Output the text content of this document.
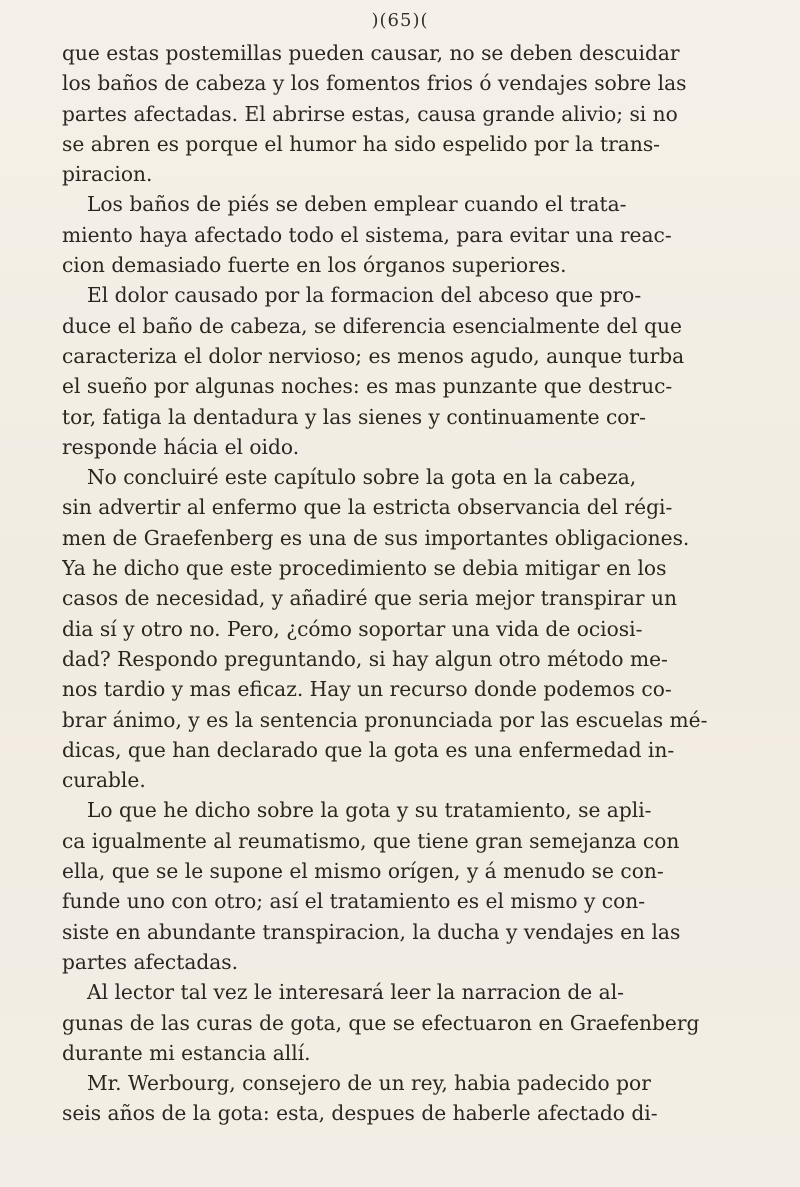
)(65)(
que estas postemillas pueden causar, no se deben descuidar
los baños de cabeza y los fomentos frios ó vendajes sobre las
partes afectadas. El abrirse estas, causa grande alivio; si no
se abren es porque el humor ha sido espelido por la trans-
piracion.
Los baños de piés se deben emplear cuando el trata-
miento haya afectado todo el sistema, para evitar una reac-
cion demasiado fuerte en los órganos superiores.
El dolor causado por la formacion del abceso que pro-
duce el baño de cabeza, se diferencia esencialmente del que
caracteriza el dolor nervioso; es menos agudo, aunque turba
el sueño por algunas noches: es mas punzante que destruc-
tor, fatiga la dentadura y las sienes y continuamente cor-
responde hácia el oido.
No concluiré este capítulo sobre la gota en la cabeza,
sin advertir al enfermo que la estricta observancia del régi-
men de Graefenberg es una de sus importantes obligaciones.
Ya he dicho que este procedimiento se debia mitigar en los
casos de necesidad, y añadiré que seria mejor transpirar un
dia sí y otro no. Pero, ¿cómo soportar una vida de ociosi-
dad? Respondo preguntando, si hay algun otro método me-
nos tardio y mas eficaz. Hay un recurso donde podemos co-
brar ánimo, y es la sentencia pronunciada por las escuelas mé-
dicas, que han declarado que la gota es una enfermedad in-
curable.
Lo que he dicho sobre la gota y su tratamiento, se apli-
ca igualmente al reumatismo, que tiene gran semejanza con
ella, que se le supone el mismo orígen, y á menudo se con-
funde uno con otro; así el tratamiento es el mismo y con-
siste en abundante transpiracion, la ducha y vendajes en las
partes afectadas.
Al lector tal vez le interesará leer la narracion de al-
gunas de las curas de gota, que se efectuaron en Graefenberg
durante mi estancia allí.
Mr. Werbourg, consejero de un rey, habia padecido por
seis años de la gota: esta, despues de haberle afectado di-
